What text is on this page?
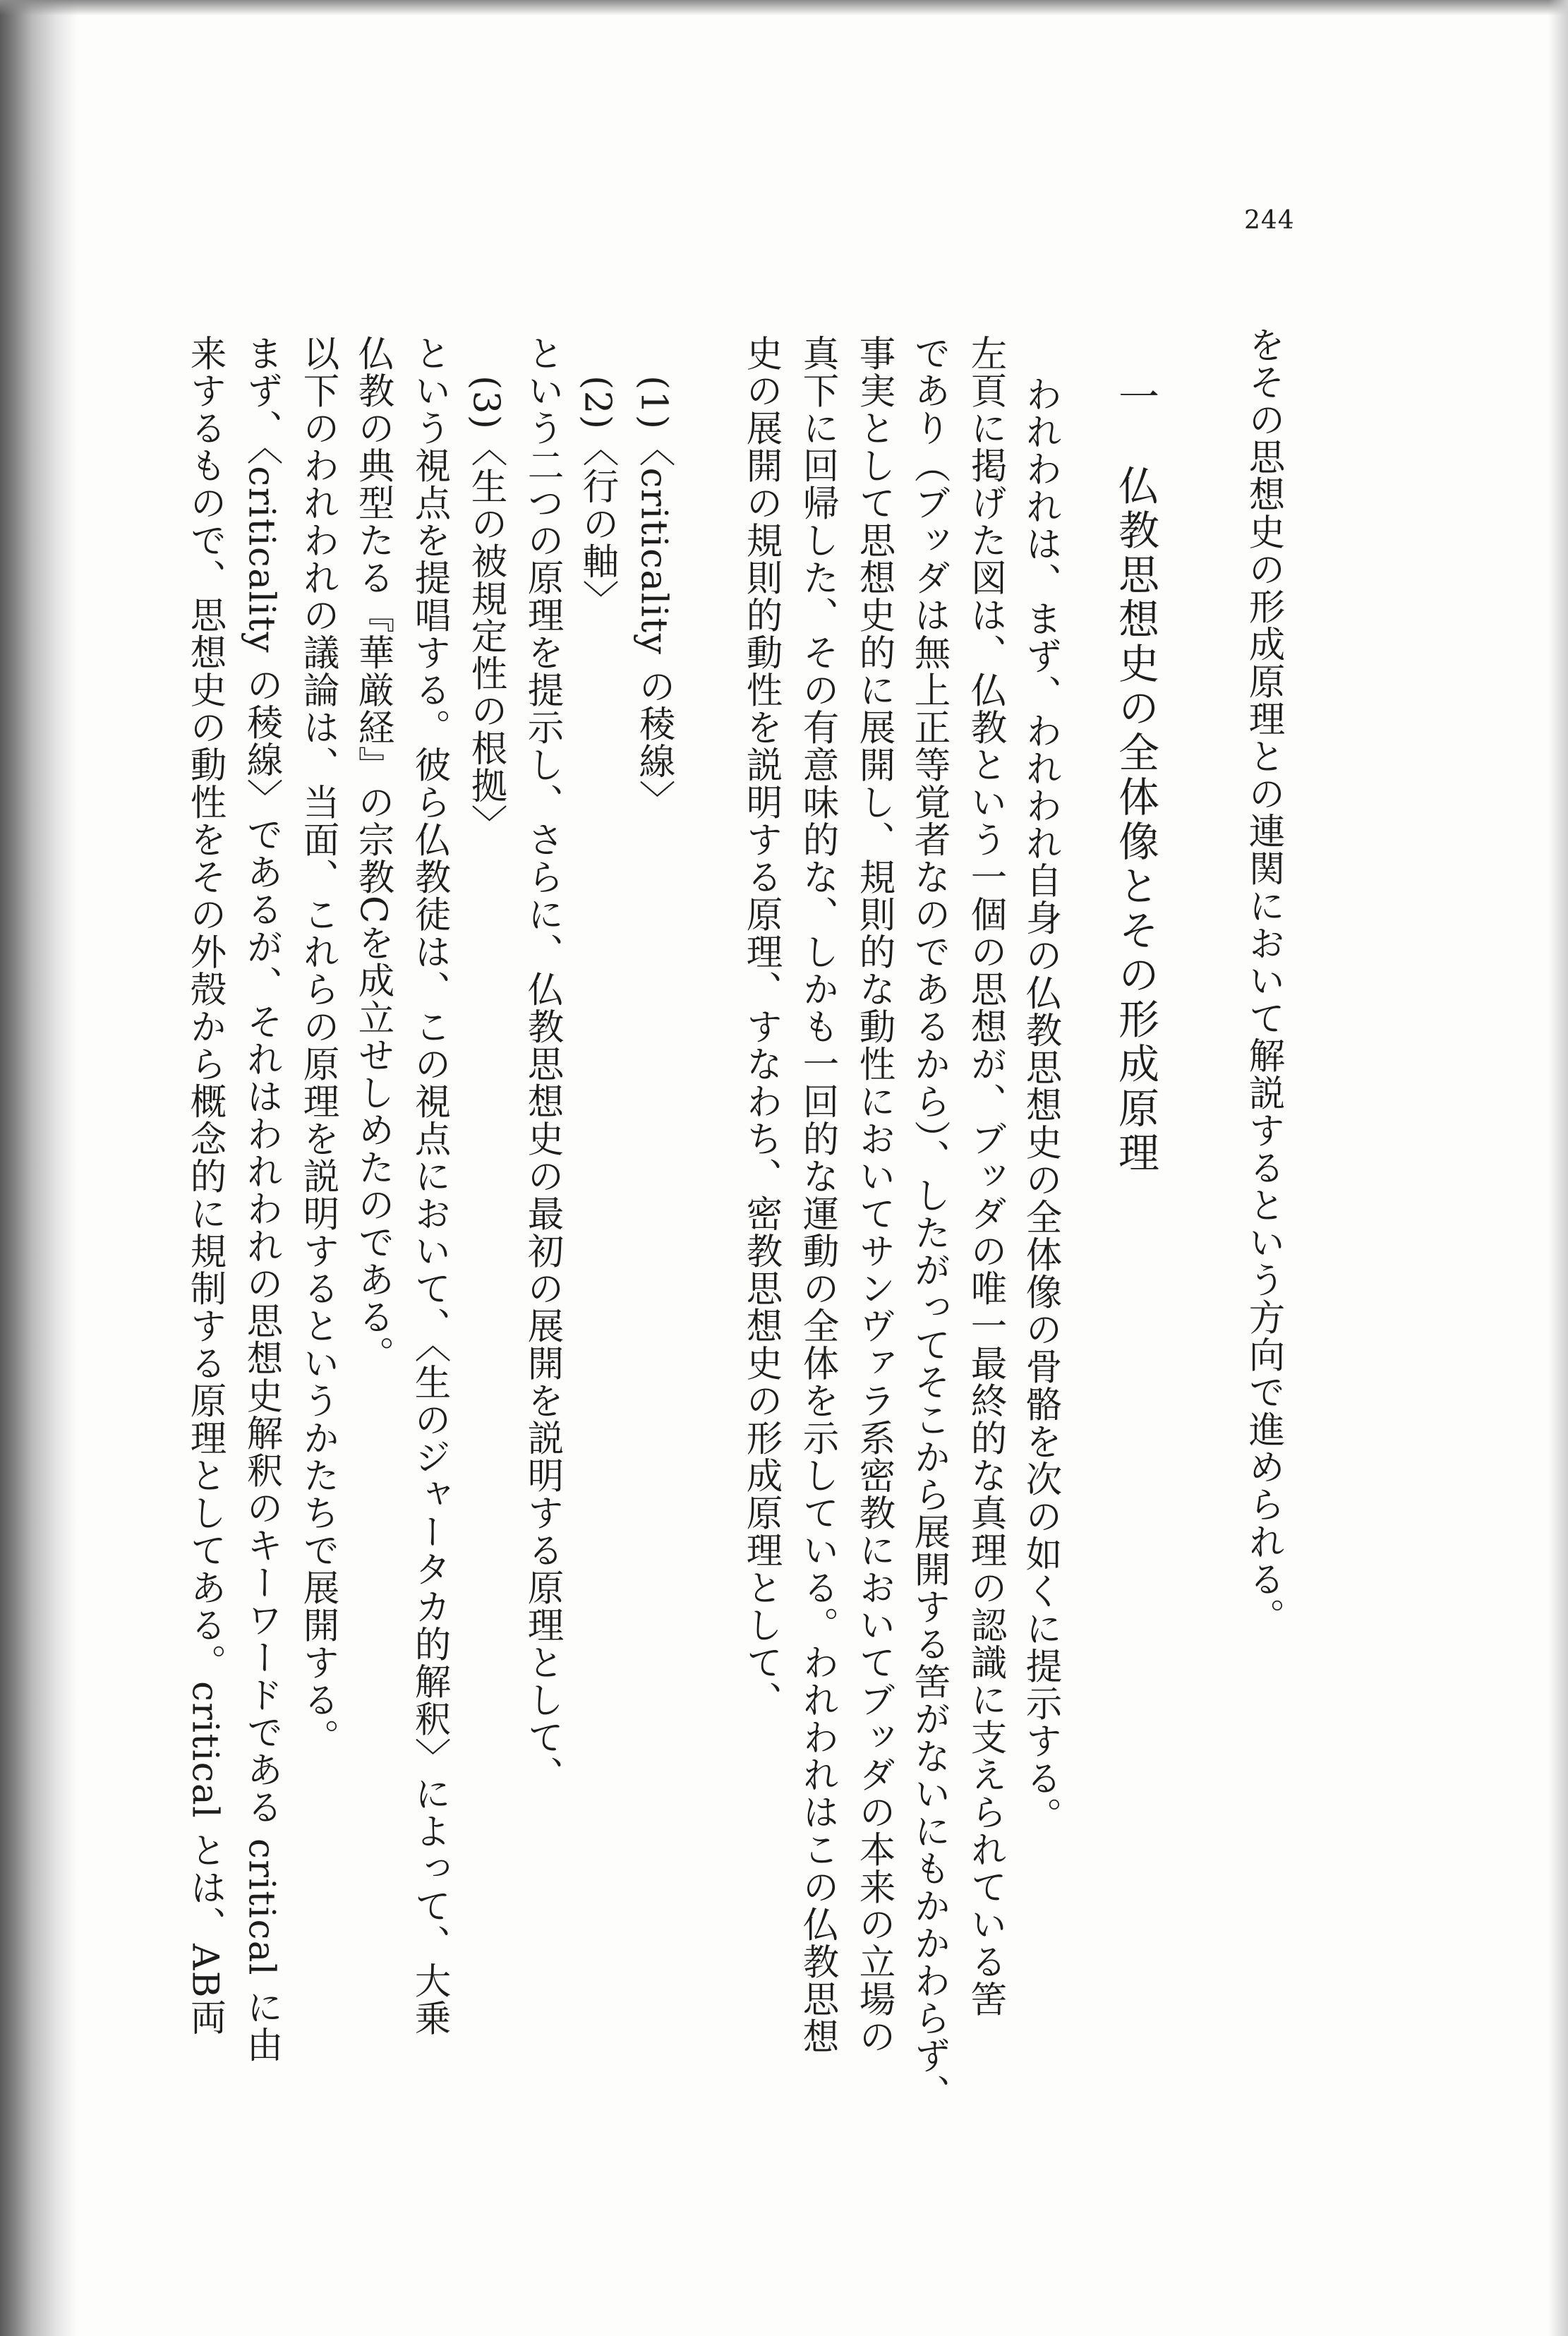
244
をその思想史の形成原理との連関において解説するという方向で進められる。
一　仏教思想史の全体像とその形成原理
われわれは、まず、われわれ自身の仏教思想史の全体像の骨骼を次の如くに提示する。
左頁に掲げた図は、仏教という一個の思想が、ブッダの唯一最終的な真理の認識に支えられている筈
であり（ブッダは無上正等覚者なのであるから）、したがってそこから展開する筈がないにもかかわらず、
事実として思想史的に展開し、規則的な動性においてサンヴァラ系密教においてブッダの本来の立場の
真下に回帰した、その有意味的な、しかも一回的な運動の全体を示している。われわれはこの仏教思想
史の展開の規則的動性を説明する原理、すなわち、密教思想史の形成原理として、
(1)〈criticality の稜線〉
(2)〈行の軸〉
という二つの原理を提示し、さらに、仏教思想史の最初の展開を説明する原理として、
(3)〈生の被規定性の根拠〉
という視点を提唱する。彼ら仏教徒は、この視点において、〈生のジャータカ的解釈〉によって、大乗
仏教の典型たる『華厳経』の宗教Cを成立せしめたのである。
以下のわれわれの議論は、当面、これらの原理を説明するというかたちで展開する。
まず、〈criticality の稜線〉であるが、それはわれわれの思想史解釈のキーワードである critical に由
来するもので、思想史の動性をその外殻から概念的に規制する原理としてある。critical とは、AB両
